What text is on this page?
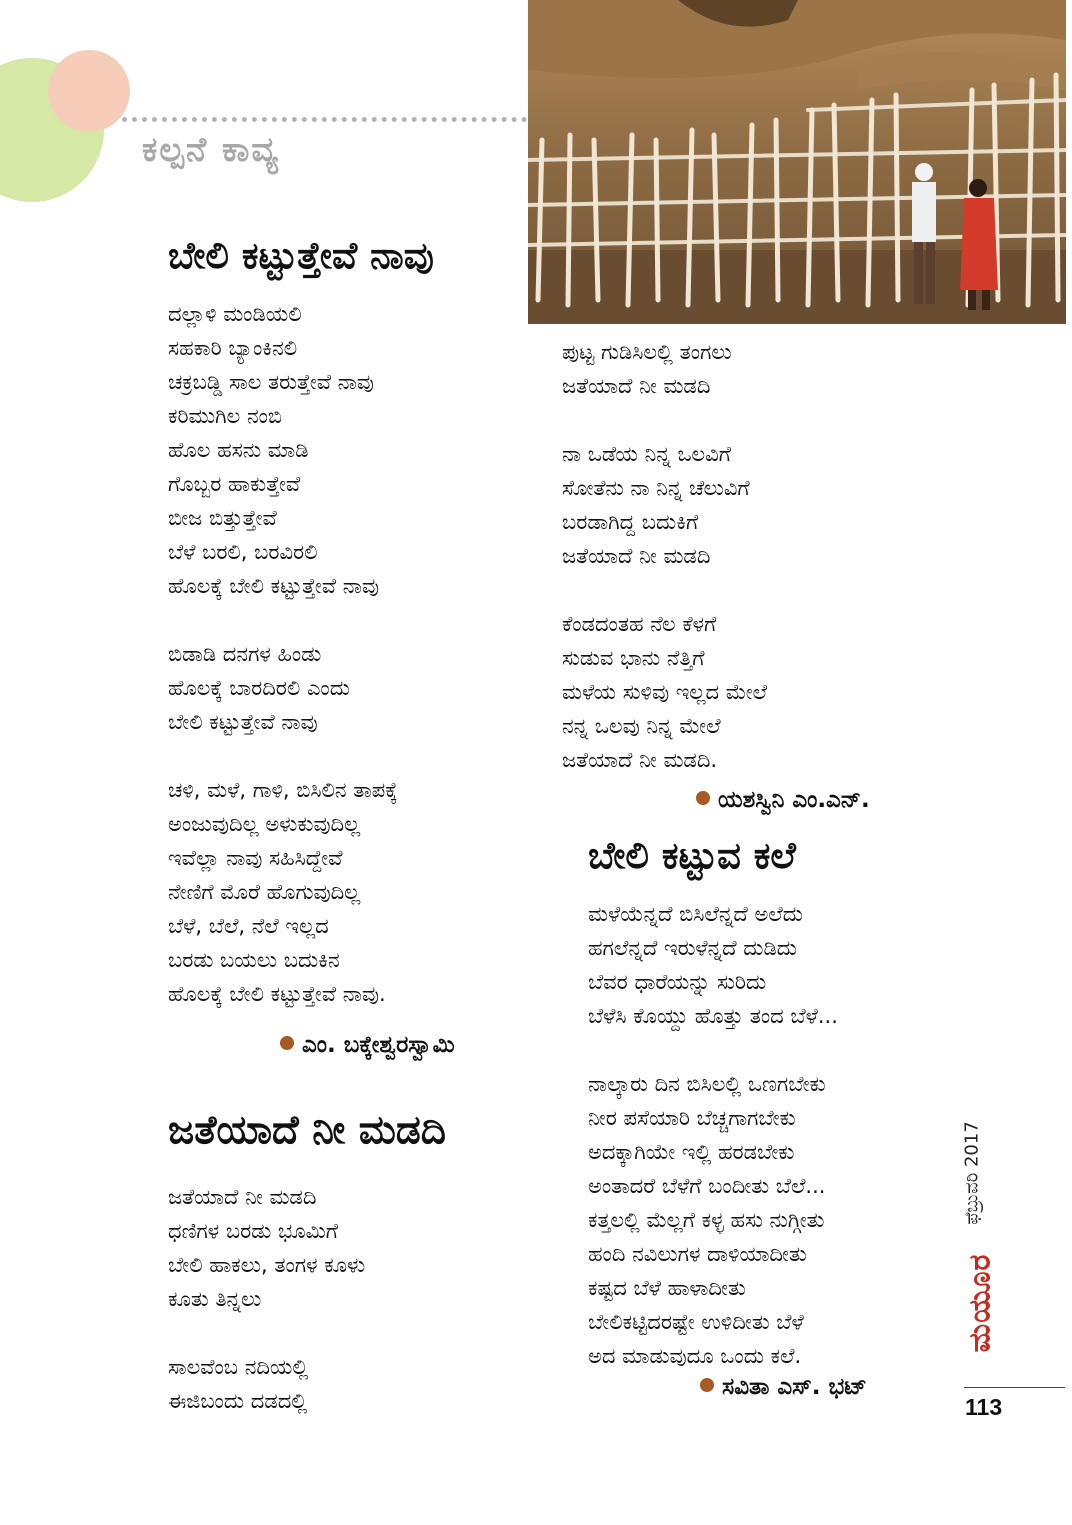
ಕಲ್ಪನೆ ಕಾವ್ಯ
ಬೇಲಿ ಕಟ್ಟುತ್ತೇವೆ ನಾವು
ದಲ್ಲಾಳಿ ಮಂಡಿಯಲಿ
ಸಹಕಾರಿ ಬ್ಯಾಂಕಿನಲಿ
ಚಕ್ರಬಡ್ಡಿ ಸಾಲ ತರುತ್ತೇವೆ ನಾವು
ಕರಿಮುಗಿಲ ನಂಬಿ
ಹೊಲ ಹಸನು ಮಾಡಿ
ಗೊಬ್ಬರ ಹಾಕುತ್ತೇವೆ
ಬೀಜ ಬಿತ್ತುತ್ತೇವೆ
ಬೆಳೆ ಬರಲಿ, ಬರವಿರಲಿ
ಹೊಲಕ್ಕೆ ಬೇಲಿ ಕಟ್ಟುತ್ತೇವೆ ನಾವು

ಬಿಡಾಡಿ ದನಗಳ ಹಿಂಡು
ಹೊಲಕ್ಕೆ ಬಾರದಿರಲಿ ಎಂದು
ಬೇಲಿ ಕಟ್ಟುತ್ತೇವೆ ನಾವು

ಚಳಿ, ಮಳೆ, ಗಾಳಿ, ಬಿಸಿಲಿನ ತಾಪಕ್ಕೆ
ಅಂಜುವುದಿಲ್ಲ ಅಳುಕುವುದಿಲ್ಲ
ಇವೆಲ್ಲಾ ನಾವು ಸಹಿಸಿದ್ದೇವೆ
ನೇಣಿಗೆ ಮೊರೆ ಹೊಗುವುದಿಲ್ಲ
ಬೆಳೆ, ಬೆಲೆ, ನೆಲೆ ಇಲ್ಲದ
ಬರಡು ಬಯಲು ಬದುಕಿನ
ಹೊಲಕ್ಕೆ ಬೇಲಿ ಕಟ್ಟುತ್ತೇವೆ ನಾವು.
ಎಂ. ಬಕ್ಕೇಶ್ವರಸ್ವಾಮಿ
ಜತೆಯಾದೆ ನೀ ಮಡದಿ
ಜತೆಯಾದೆ ನೀ ಮಡದಿ
ಧಣಿಗಳ ಬರಡು ಭೂಮಿಗೆ
ಬೇಲಿ ಹಾಕಲು, ತಂಗಳ ಕೂಳು
ಕೂತು ತಿನ್ನಲು

ಸಾಲವೆಂಬ ನದಿಯಲ್ಲಿ
ಈಜಿಬಂದು ದಡದಲ್ಲಿ
ಪುಟ್ಟ ಗುಡಿಸಿಲಲ್ಲಿ ತಂಗಲು
ಜತೆಯಾದೆ ನೀ ಮಡದಿ

ನಾ ಒಡೆಯ ನಿನ್ನ ಒಲವಿಗೆ
ಸೋತೆನು ನಾ ನಿನ್ನ ಚೆಲುವಿಗೆ
ಬರಡಾಗಿದ್ದ ಬದುಕಿಗೆ
ಜತೆಯಾದೆ ನೀ ಮಡದಿ

ಕೆಂಡದಂತಹ ನೆಲ ಕೆಳಗೆ
ಸುಡುವ ಭಾನು ನೆತ್ತಿಗೆ
ಮಳೆಯ ಸುಳಿವು ಇಲ್ಲದ ಮೇಲೆ
ನನ್ನ ಒಲವು ನಿನ್ನ ಮೇಲೆ
ಜತೆಯಾದೆ ನೀ ಮಡದಿ.
ಯಶಸ್ವಿನಿ ಎಂ.ಎನ್.
ಬೇಲಿ ಕಟ್ಟುವ ಕಲೆ
ಮಳೆಯೆನ್ನದೆ ಬಿಸಿಲೆನ್ನದೆ ಅಲೆದು
ಹಗಲೆನ್ನದೆ ಇರುಳೆನ್ನದೆ ದುಡಿದು
ಬೆವರ ಧಾರೆಯನ್ನು ಸುರಿದು
ಬೆಳೆಸಿ ಕೊಯ್ದು ಹೊತ್ತು ತಂದ ಬೆಳೆ...

ನಾಲ್ಕಾರು ದಿನ ಬಿಸಿಲಲ್ಲಿ ಒಣಗಬೇಕು
ನೀರ ಪಸೆಯಾರಿ ಬೆಚ್ಚಗಾಗಬೇಕು
ಅದಕ್ಕಾಗಿಯೇ ಇಲ್ಲಿ ಹರಡಬೇಕು
ಅಂತಾದರೆ ಬೆಳೆಗೆ ಬಂದೀತು ಬೆಲೆ...
ಕತ್ತಲಲ್ಲಿ ಮೆಲ್ಲಗೆ ಕಳ್ಳ ಹಸು ನುಗ್ಗೀತು
ಹಂದಿ ನವಿಲುಗಳ ದಾಳಿಯಾದೀತು
ಕಷ್ಟದ ಬೆಳೆ ಹಾಳಾದೀತು
ಬೇಲಿಕಟ್ಟಿದರಷ್ಟೇ ಉಳಿದೀತು ಬೆಳೆ
ಅದ ಮಾಡುವುದೂ ಒಂದು ಕಲೆ.
ಸವಿತಾ ಎಸ್. ಭಟ್
ಫೆಬ್ರುವರಿ 2017
ಮಯೂರ
113
